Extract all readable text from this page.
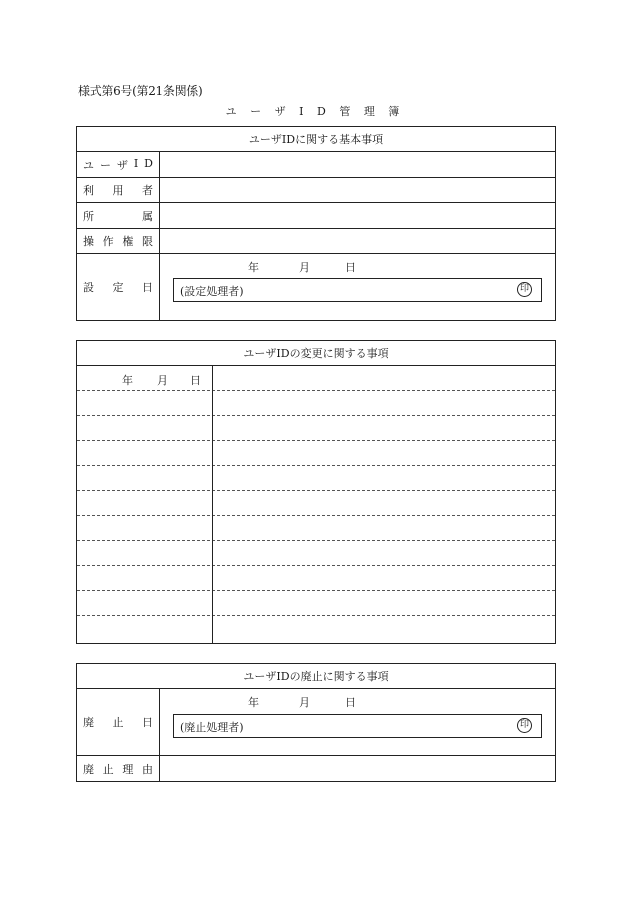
様式第6号(第21条関係)
ユ ー ザ I D 管 理 簿
ユーザIDに関する基本事項
ユ ー ザ I D
利 用 者
所	属
操 作 権 限
設 定 日
年	月	日
(設定処理者)	印
ユーザIDの変更に関する事項
年 月 日
ユーザIDの廃止に関する事項
廃 止 日
年	月	日
(廃止処理者)	印
廃 止 理 由
